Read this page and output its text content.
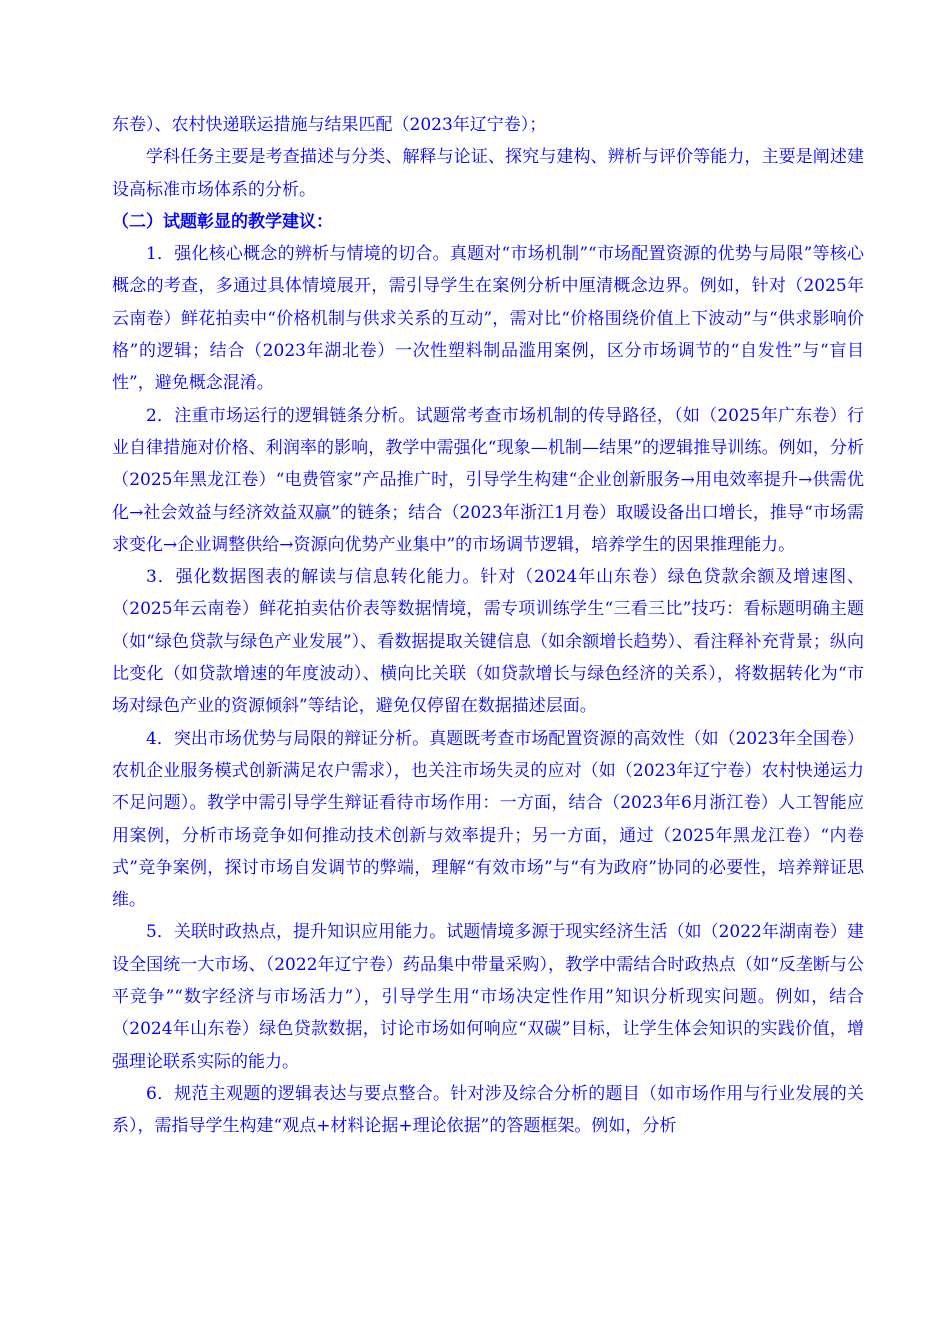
东卷）、农村快递联运措施与结果匹配（2023年辽宁卷）；

学科任务主要是考查描述与分类、解释与论证、探究与建构、辨析与评价等能力，主要是阐述建设高标准市场体系的分析。

（二）试题彰显的教学建议：

1．强化核心概念的辨析与情境的切合。真题对“市场机制”“市场配置资源的优势与局限”等核心概念的考查，多通过具体情境展开，需引导学生在案例分析中厘清概念边界。例如，针对（2025年云南卷）鲜花拍卖中“价格机制与供求关系的互动”，需对比“价格围绕价值上下波动”与“供求影响价格”的逻辑；结合（2023年湖北卷）一次性塑料制品滥用案例，区分市场调节的“自发性”与“盲目性”，避免概念混淆。

2．注重市场运行的逻辑链条分析。试题常考查市场机制的传导路径，（如（2025年广东卷）行业自律措施对价格、利润率的影响，教学中需强化“现象—机制—结果”的逻辑推导训练。例如，分析（2025年黑龙江卷）“电费管家”产品推广时，引导学生构建“企业创新服务→用电效率提升→供需优化→社会效益与经济效益双赢”的链条；结合（2023年浙江1月卷）取暖设备出口增长，推导“市场需求变化→企业调整供给→资源向优势产业集中”的市场调节逻辑，培养学生的因果推理能力。

3．强化数据图表的解读与信息转化能力。针对（2024年山东卷）绿色贷款余额及增速图、（2025年云南卷）鲜花拍卖估价表等数据情境，需专项训练学生“三看三比”技巧：看标题明确主题（如“绿色贷款与绿色产业发展”）、看数据提取关键信息（如余额增长趋势）、看注释补充背景；纵向比变化（如贷款增速的年度波动）、横向比关联（如贷款增长与绿色经济的关系），将数据转化为“市场对绿色产业的资源倾斜”等结论，避免仅停留在数据描述层面。

4．突出市场优势与局限的辩证分析。真题既考查市场配置资源的高效性（如（2023年全国卷）农机企业服务模式创新满足农户需求），也关注市场失灵的应对（如（2023年辽宁卷）农村快递运力不足问题）。教学中需引导学生辩证看待市场作用：一方面，结合（2023年6月浙江卷）人工智能应用案例，分析市场竞争如何推动技术创新与效率提升；另一方面，通过（2025年黑龙江卷）“内卷式”竞争案例，探讨市场自发调节的弊端，理解“有效市场”与“有为政府”协同的必要性，培养辩证思维。

5．关联时政热点，提升知识应用能力。试题情境多源于现实经济生活（如（2022年湖南卷）建设全国统一大市场、（2022年辽宁卷）药品集中带量采购），教学中需结合时政热点（如“反垄断与公平竞争”“数字经济与市场活力”），引导学生用“市场决定性作用”知识分析现实问题。例如，结合（2024年山东卷）绿色贷款数据，讨论市场如何响应“双碳”目标，让学生体会知识的实践价值，增强理论联系实际的能力。

6．规范主观题的逻辑表达与要点整合。针对涉及综合分析的题目（如市场作用与行业发展的关系），需指导学生构建“观点+材料论据+理论依据”的答题框架。例如，分析
